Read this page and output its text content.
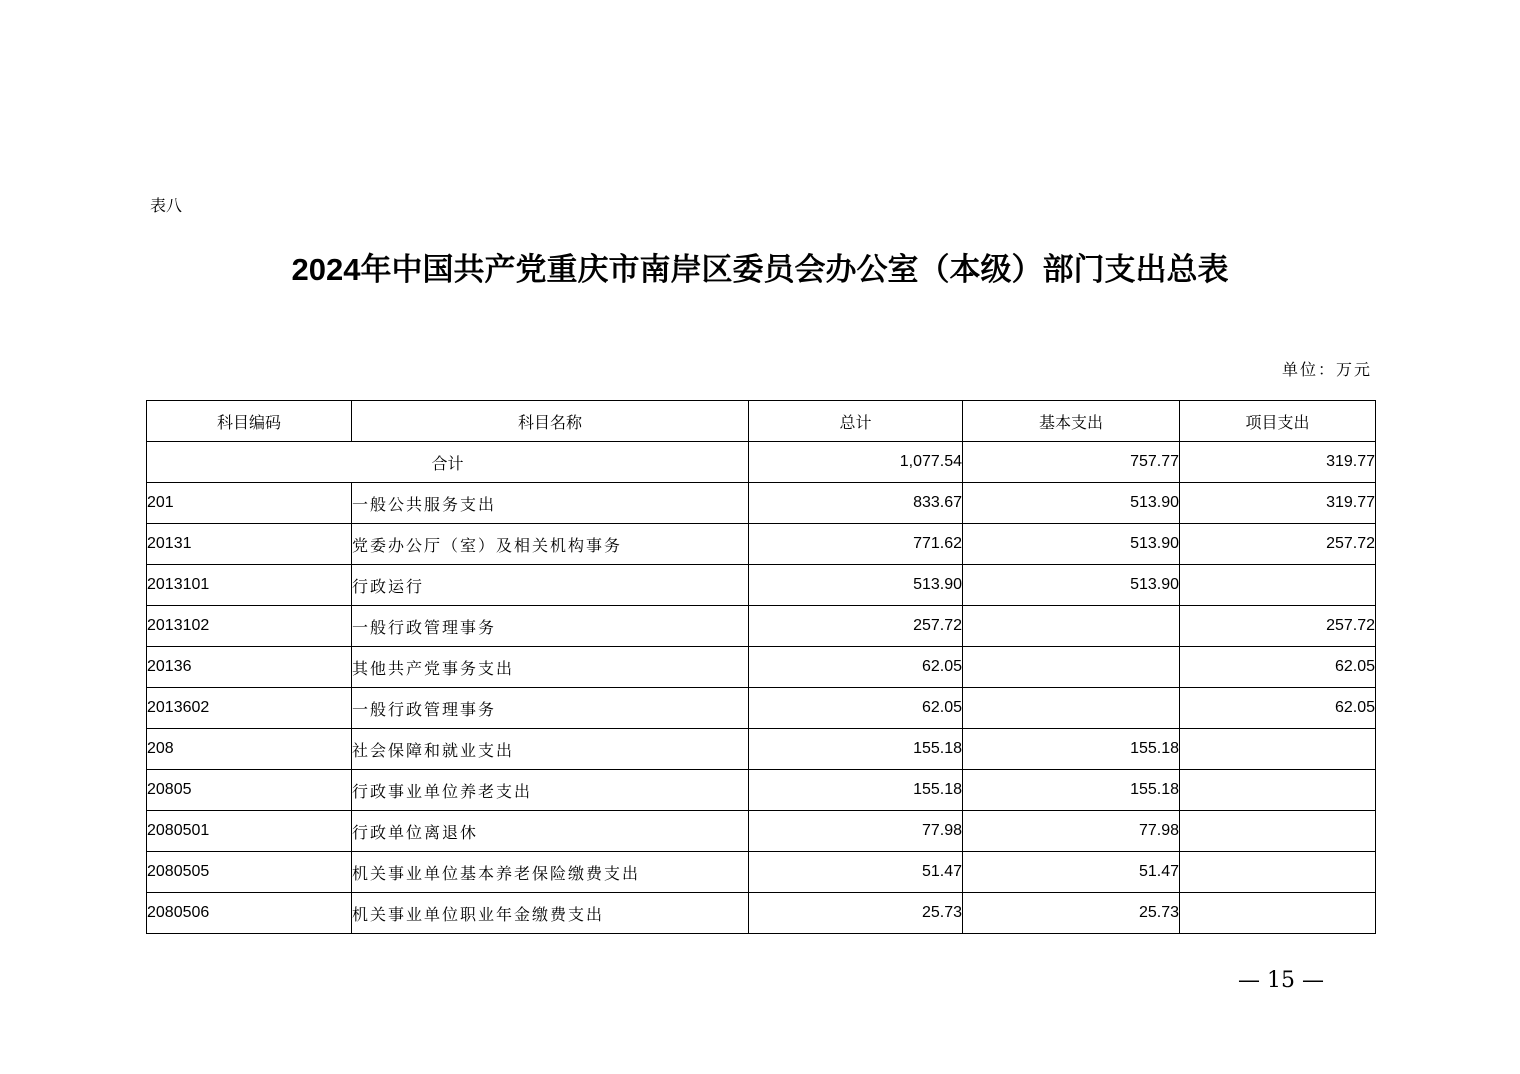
表八
2024年中国共产党重庆市南岸区委员会办公室（本级）部门支出总表
单位：万元
科目编码	科目名称	总计	基本支出	项目支出
合计		1,077.54	757.77	319.77
201	一般公共服务支出	833.67	513.90	319.77
20131	党委办公厅（室）及相关机构事务	771.62	513.90	257.72
2013101	行政运行	513.90	513.90	
2013102	一般行政管理事务	257.72		257.72
20136	其他共产党事务支出	62.05		62.05
2013602	一般行政管理事务	62.05		62.05
208	社会保障和就业支出	155.18	155.18	
20805	行政事业单位养老支出	155.18	155.18	
2080501	行政单位离退休	77.98	77.98	
2080505	机关事业单位基本养老保险缴费支出	51.47	51.47	
2080506	机关事业单位职业年金缴费支出	25.73	25.73	
— 15 —
